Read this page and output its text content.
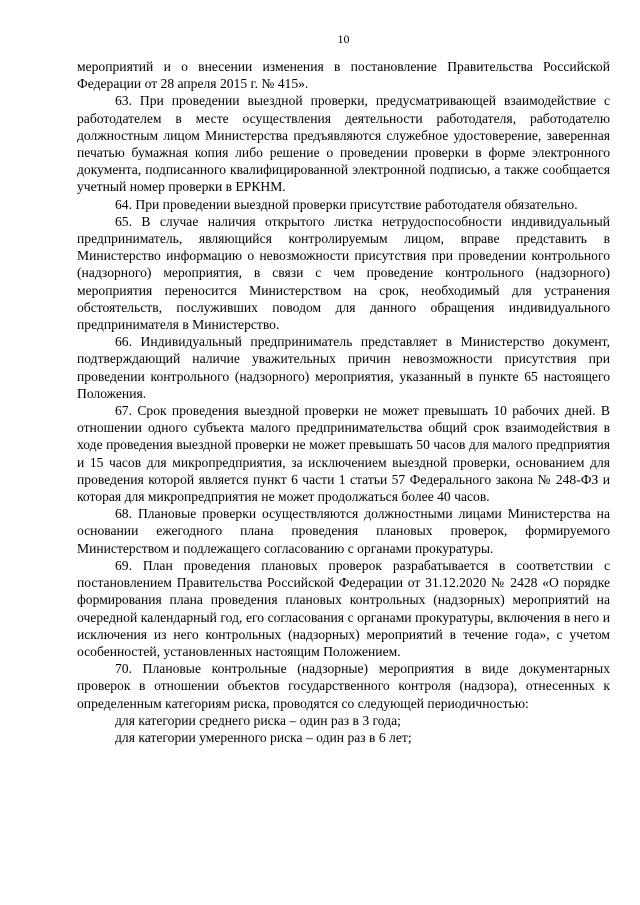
10

мероприятий и о внесении изменения в постановление Правительства Российской Федерации от 28 апреля 2015 г. № 415».

63. При проведении выездной проверки, предусматривающей взаимодействие с работодателем в месте осуществления деятельности работодателя, работодателю должностным лицом Министерства предъявляются служебное удостоверение, заверенная печатью бумажная копия либо решение о проведении проверки в форме электронного документа, подписанного квалифицированной электронной подписью, а также сообщается учетный номер проверки в ЕРКНМ.

64. При проведении выездной проверки присутствие работодателя обязательно.

65. В случае наличия открытого листка нетрудоспособности индивидуальный предприниматель, являющийся контролируемым лицом, вправе представить в Министерство информацию о невозможности присутствия при проведении контрольного (надзорного) мероприятия, в связи с чем проведение контрольного (надзорного) мероприятия переносится Министерством на срок, необходимый для устранения обстоятельств, послуживших поводом для данного обращения индивидуального предпринимателя в Министерство.

66. Индивидуальный предприниматель представляет в Министерство документ, подтверждающий наличие уважительных причин невозможности присутствия при проведении контрольного (надзорного) мероприятия, указанный в пункте 65 настоящего Положения.

67. Срок проведения выездной проверки не может превышать 10 рабочих дней. В отношении одного субъекта малого предпринимательства общий срок взаимодействия в ходе проведения выездной проверки не может превышать 50 часов для малого предприятия и 15 часов для микропредприятия, за исключением выездной проверки, основанием для проведения которой является пункт 6 части 1 статьи 57 Федерального закона № 248-ФЗ и которая для микропредприятия не может продолжаться более 40 часов.

68. Плановые проверки осуществляются должностными лицами Министерства на основании ежегодного плана проведения плановых проверок, формируемого Министерством и подлежащего согласованию с органами прокуратуры.

69. План проведения плановых проверок разрабатывается в соответствии с постановлением Правительства Российской Федерации от 31.12.2020 № 2428 «О порядке формирования плана проведения плановых контрольных (надзорных) мероприятий на очередной календарный год, его согласования с органами прокуратуры, включения в него и исключения из него контрольных (надзорных) мероприятий в течение года», с учетом особенностей, установленных настоящим Положением.

70. Плановые контрольные (надзорные) мероприятия в виде документарных проверок в отношении объектов государственного контроля (надзора), отнесенных к определенным категориям риска, проводятся со следующей периодичностью:

для категории среднего риска – один раз в 3 года;

для категории умеренного риска – один раз в 6 лет;
